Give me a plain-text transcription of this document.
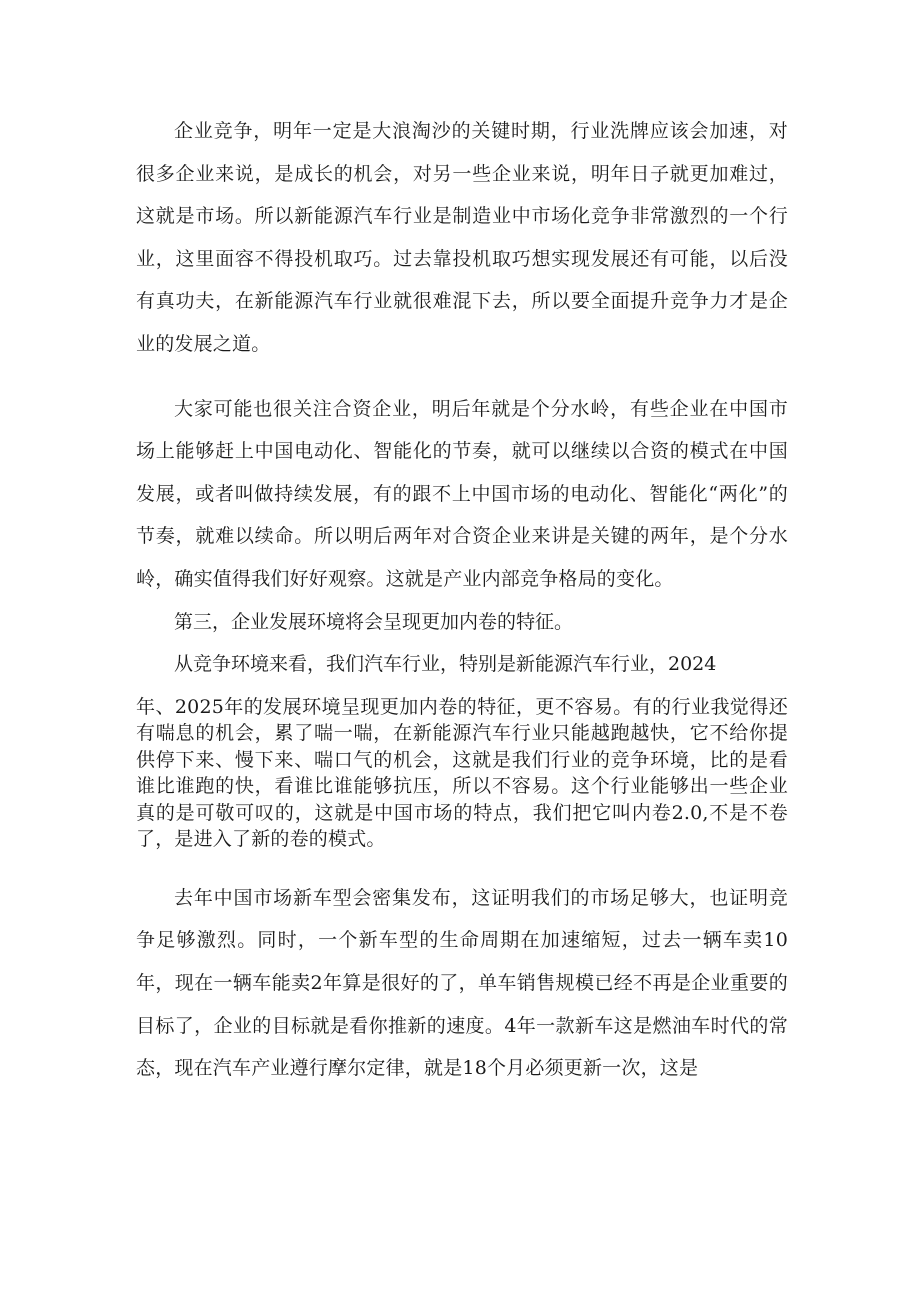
企业竞争，明年一定是大浪淘沙的关键时期，行业洗牌应该会加速，对很多企业来说，是成长的机会，对另一些企业来说，明年日子就更加难过，这就是市场。所以新能源汽车行业是制造业中市场化竞争非常激烈的一个行业，这里面容不得投机取巧。过去靠投机取巧想实现发展还有可能，以后没有真功夫，在新能源汽车行业就很难混下去，所以要全面提升竞争力才是企业的发展之道。

大家可能也很关注合资企业，明后年就是个分水岭，有些企业在中国市场上能够赶上中国电动化、智能化的节奏，就可以继续以合资的模式在中国发展，或者叫做持续发展，有的跟不上中国市场的电动化、智能化“两化”的节奏，就难以续命。所以明后两年对合资企业来讲是关键的两年，是个分水岭，确实值得我们好好观察。这就是产业内部竞争格局的变化。

第三，企业发展环境将会呈现更加内卷的特征。

从竞争环境来看，我们汽车行业，特别是新能源汽车行业，2024

年、2025年的发展环境呈现更加内卷的特征，更不容易。有的行业我觉得还有喘息的机会，累了喘一喘，在新能源汽车行业只能越跑越快，它不给你提供停下来、慢下来、喘口气的机会，这就是我们行业的竞争环境，比的是看谁比谁跑的快，看谁比谁能够抗压，所以不容易。这个行业能够出一些企业真的是可敬可叹的，这就是中国市场的特点，我们把它叫内卷2.0,不是不卷了，是进入了新的卷的模式。

去年中国市场新车型会密集发布，这证明我们的市场足够大，也证明竞争足够激烈。同时，一个新车型的生命周期在加速缩短，过去一辆车卖10年，现在一辆车能卖2年算是很好的了，单车销售规模已经不再是企业重要的目标了，企业的目标就是看你推新的速度。4年一款新车这是燃油车时代的常态，现在汽车产业遵行摩尔定律，就是18个月必须更新一次，这是
